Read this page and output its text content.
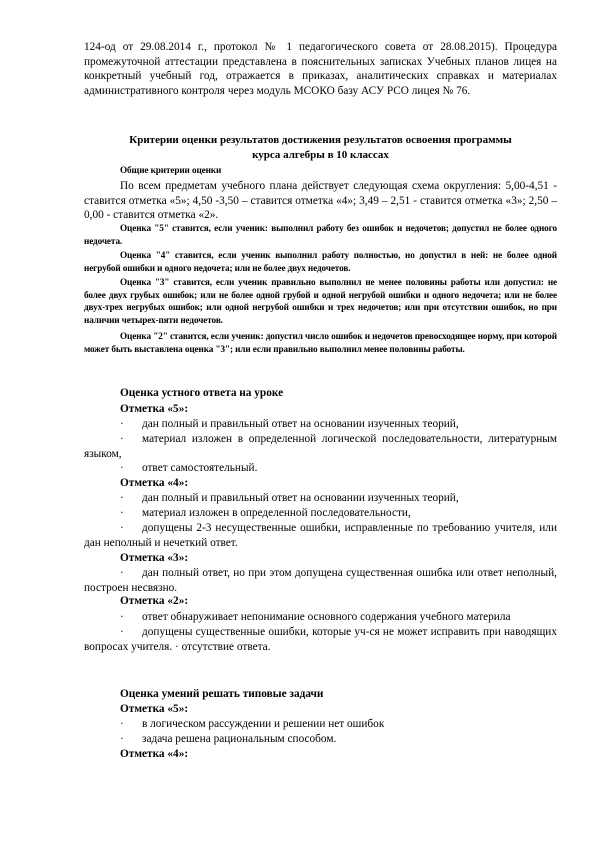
124-од от 29.08.2014 г., протокол № 1 педагогического совета от 28.08.2015). Процедура промежуточной аттестации представлена в пояснительных записках Учебных планов лицея на конкретный учебный год, отражается в приказах, аналитических справках и материалах административного контроля через модуль МСОКО базу АСУ РСО лицея № 76.

Критерии оценки результатов достижения результатов освоения программы

курса алгебры в 10 классах

Общие критерии оценки

По всем предметам учебного плана действует следующая схема округления: 5,00-4,51 - ставится отметка «5»; 4,50 -3,50 – ставится отметка «4»; 3,49 – 2,51 - ставится отметка «3»; 2,50 – 0,00 - ставится отметка «2».

Оценка "5" ставится, если ученик: выполнил работу без ошибок и недочетов; допустил не более одного недочета.

Оценка "4" ставится, если ученик выполнил работу полностью, но допустил в ней: не более одной негрубой ошибки и одного недочета; или не более двух недочетов.

Оценка "3" ставится, если ученик правильно выполнил не менее половины работы или допустил: не более двух грубых ошибок; или не более одной грубой и одной негрубой ошибки и одного недочета; или не более двух-трех негрубых ошибок; или одной негрубой ошибки и трех недочетов; или при отсутствии ошибок, но при наличии четырех-пяти недочетов.

Оценка "2" ставится, если ученик: допустил число ошибок и недочетов превосходящее норму, при которой может быть выставлена оценка "3"; или если правильно выполнил менее половины работы.

Оценка устного ответа на уроке

Отметка «5»:

· дан полный и правильный ответ на основании изученных теорий,

· материал изложен в определенной логической последовательности, литературным языком,

· ответ самостоятельный.

Отметка «4»:

· дан полный и правильный ответ на основании изученных теорий,

· материал изложен в определенной последовательности,

· допущены 2-3 несущественные ошибки, исправленные по требованию учителя, или дан неполный и нечеткий ответ.

Отметка «3»:

· дан полный ответ, но при этом допущена существенная ошибка или ответ неполный, построен несвязно.

Отметка «2»:

· ответ обнаруживает непонимание основного содержания учебного материла

· допущены существенные ошибки, которые уч-ся не может исправить при наводящих вопросах учителя. · отсутствие ответа.

Оценка умений решать типовые задачи

Отметка «5»:

· в логическом рассуждении и решении нет ошибок

· задача решена рациональным способом.

Отметка «4»:
